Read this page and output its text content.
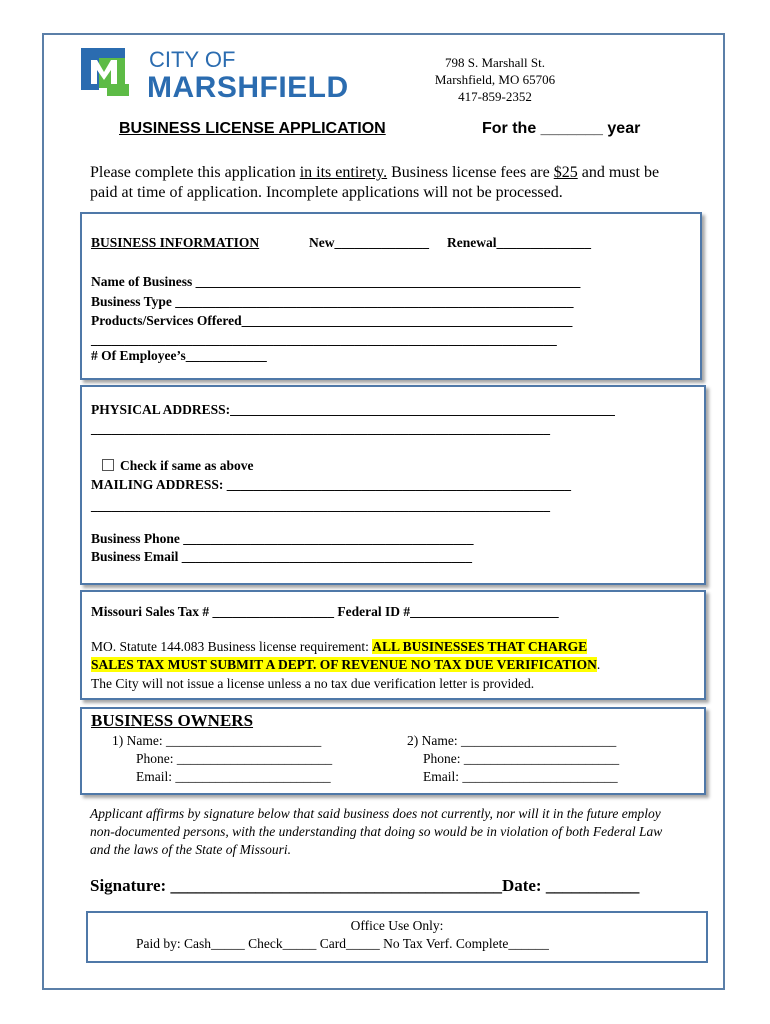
CITY OF
MARSHFIELD
798 S. Marshall St.
Marshfield, MO 65706
417-859-2352
BUSINESS LICENSE APPLICATION	For the _______ year
Please complete this application in its entirety. Business license fees are $25 and must be paid at time of application. Incomplete applications will not be processed.
BUSINESS INFORMATION	New______________ Renewal______________
Name of Business _________________________________________________________
Business Type ___________________________________________________________
Products/Services Offered_________________________________________________
_____________________________________________________________________
# Of Employee’s____________
PHYSICAL ADDRESS:_________________________________________________________
____________________________________________________________________
Check if same as above
MAILING ADDRESS: ___________________________________________________
____________________________________________________________________
Business Phone ___________________________________________
Business Email ___________________________________________
Missouri Sales Tax # __________________ Federal ID #______________________
MO. Statute 144.083 Business license requirement: ALL BUSINESSES THAT CHARGE
SALES TAX MUST SUBMIT A DEPT. OF REVENUE NO TAX DUE VERIFICATION.
The City will not issue a license unless a no tax due verification letter is provided.
BUSINESS OWNERS
1) Name: _______________________
Phone: _______________________
Email: _______________________
2) Name: _______________________
Phone: _______________________
Email: _______________________
Applicant affirms by signature below that said business does not currently, nor will it in the future employ non-documented persons, with the understanding that doing so would be in violation of both Federal Law and the laws of the State of Missouri.
Signature: _______________________________________Date: ___________
Office Use Only:
Paid by: Cash_____ Check_____ Card_____ No Tax Verf. Complete______
